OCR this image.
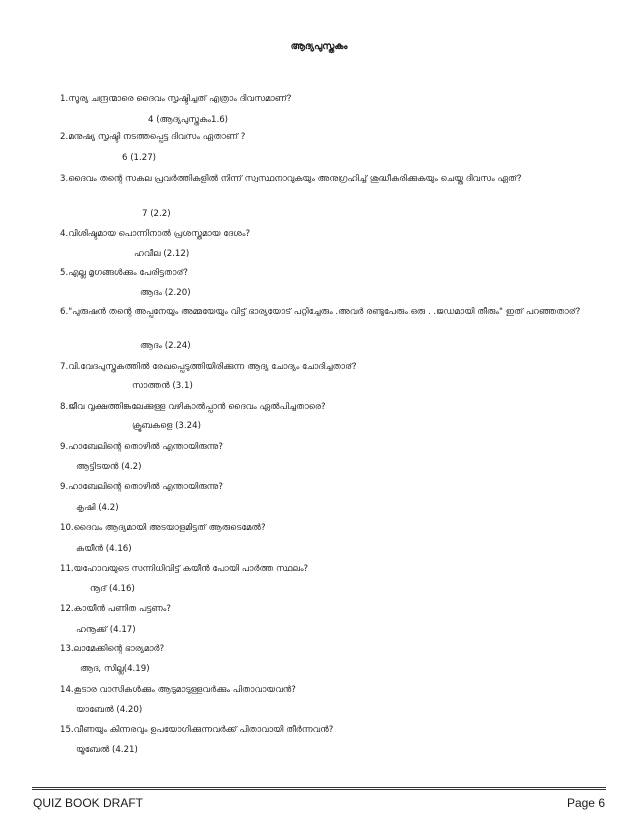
ആദ്യപുസ്തകം
1.സൂര്യ ചന്ദ്രന്മാരെ ദൈവം സൃഷ്ടിച്ചത് എത്രാം ദിവസമാണ്?
4 (ആദ്യപുസ്തകം1.6)
2.മനുഷ്യ സൃഷ്ടി നടത്തപ്പെട്ട ദിവസം ഏതാണ് ?
6 (1.27)
3.ദൈവം തന്റെ സകല പ്രവർത്തികളിൽ നിന്ന് സ്വസ്ഥനാവുകയും അനുഗ്രഹിച്ച് ശുദ്ധീകരിക്കുകയും ചെയ്ത ദിവസം ഏത്?
7 (2.2)
4.വിശിഷ്ടമായ പൊന്നിനാൽ പ്രശസ്തമായ ദേശം?
ഹവീല (2.12)
5.എല്ല മൃഗങ്ങൾക്കും പേരിട്ടതാര്?
ആദം (2.20)
6."പുരുഷൻ തന്റെ അപ്പനേയും അമ്മയേയും വിട്ട് ഭാര്യയോട് പറ്റിച്ചേരും .അവർ രണ്ടുപേരും ഒരു . .ജഡമായി തീരും" ഇത് പറഞ്ഞതാര്?
ആദം (2.24)
7.വി.വേദപുസ്തകത്തിൽ രേഖപ്പെടുത്തിയിരിക്കുന്ന ആദ്യ ചോദ്യം ചോദിച്ചതാര്?
സാത്തൻ (3.1)
8.ജീവ വൃക്ഷത്തിങ്കലേക്കുള്ള വഴികാൽപ്പാൻ ദൈവം ഏൽപിച്ചതാരെ?
ക്രൂബകളെ (3.24)
9.ഹാബേലിന്റെ തൊഴിൽ എന്തായിരുന്നു?
ആട്ടിടയൻ (4.2)
9.ഹാബേലിന്റെ തൊഴിൽ എന്തായിരുന്നു?
കൃഷി (4.2)
10.ദൈവം ആദ്യമായി അടയാളമിട്ടത് ആരുടെമേൽ?
കയീൻ (4.16)
11.യഹോവയുടെ സന്നിധിവിട്ട് കയീൻ പോയി പാർത്ത സ്ഥലം?
നൂദ് (4.16)
12.കായീൻ പണിത പട്ടണം?
ഹനൂക്ക് (4.17)
13.ലാമേക്കിന്റെ ഭാര്യമാർ?
ആദ, സില്ല(4.19)
14.കൂടാര വാസികൾക്കും ആടുമാടുള്ളവർക്കും പിതാവായവൻ?
യാബേൽ (4.20)
15.വീണയും കിന്നരവും ഉപയോഗിക്കുന്നവർക്ക് പിതാവായി തീർന്നവൻ?
യൂബേൽ (4.21)
QUIZ BOOK DRAFT	Page 6
